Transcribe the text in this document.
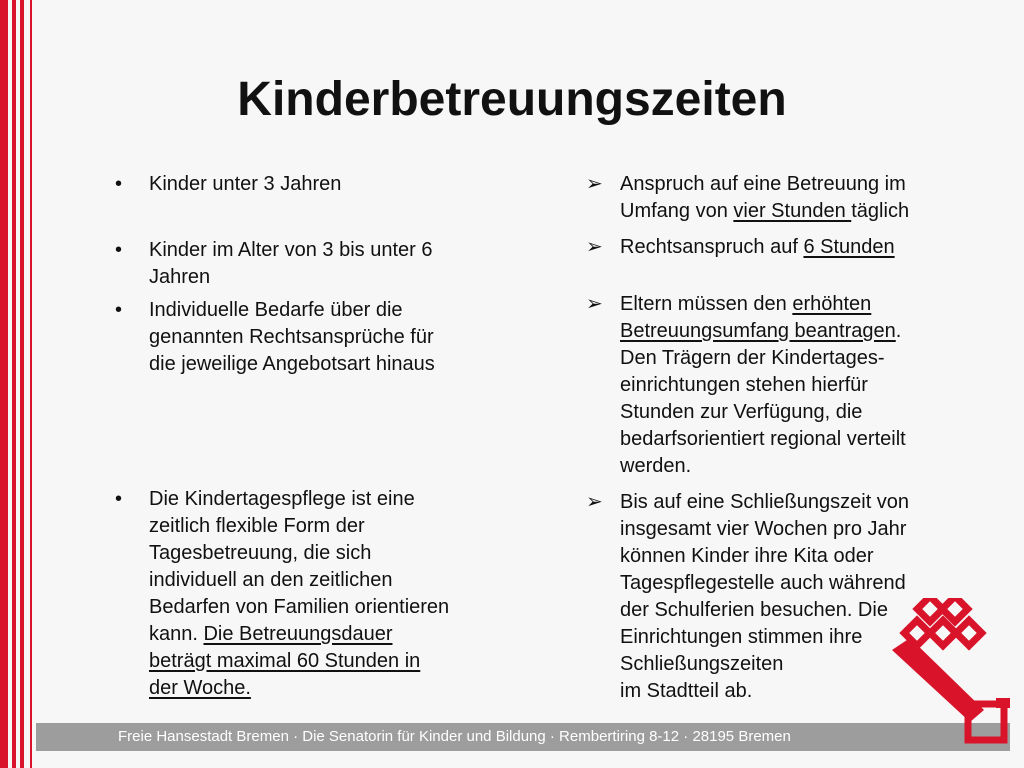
Kinderbetreuungszeiten
• Kinder unter 3 Jahren
• Kinder im Alter von 3 bis unter 6
Jahren
• Individuelle Bedarfe über die
genannten Rechtsansprüche für
die jeweilige Angebotsart hinaus
• Die Kindertagespflege ist eine
zeitlich flexible Form der
Tagesbetreuung, die sich
individuell an den zeitlichen
Bedarfen von Familien orientieren
kann. Die Betreuungsdauer
beträgt maximal 60 Stunden in
der Woche.
➢ Anspruch auf eine Betreuung im
Umfang von vier Stunden täglich
➢ Rechtsanspruch auf 6 Stunden
➢ Eltern müssen den erhöhten
Betreuungsumfang beantragen.
Den Trägern der Kindertages-
einrichtungen stehen hierfür
Stunden zur Verfügung, die
bedarfsorientiert regional verteilt
werden.
➢ Bis auf eine Schließungszeit von
insgesamt vier Wochen pro Jahr
können Kinder ihre Kita oder
Tagespflegestelle auch während
der Schulferien besuchen. Die
Einrichtungen stimmen ihre
Schließungszeiten
im Stadtteil ab.
Freie Hansestadt Bremen · Die Senatorin für Kinder und Bildung · Rembertiring 8-12 · 28195 Bremen
